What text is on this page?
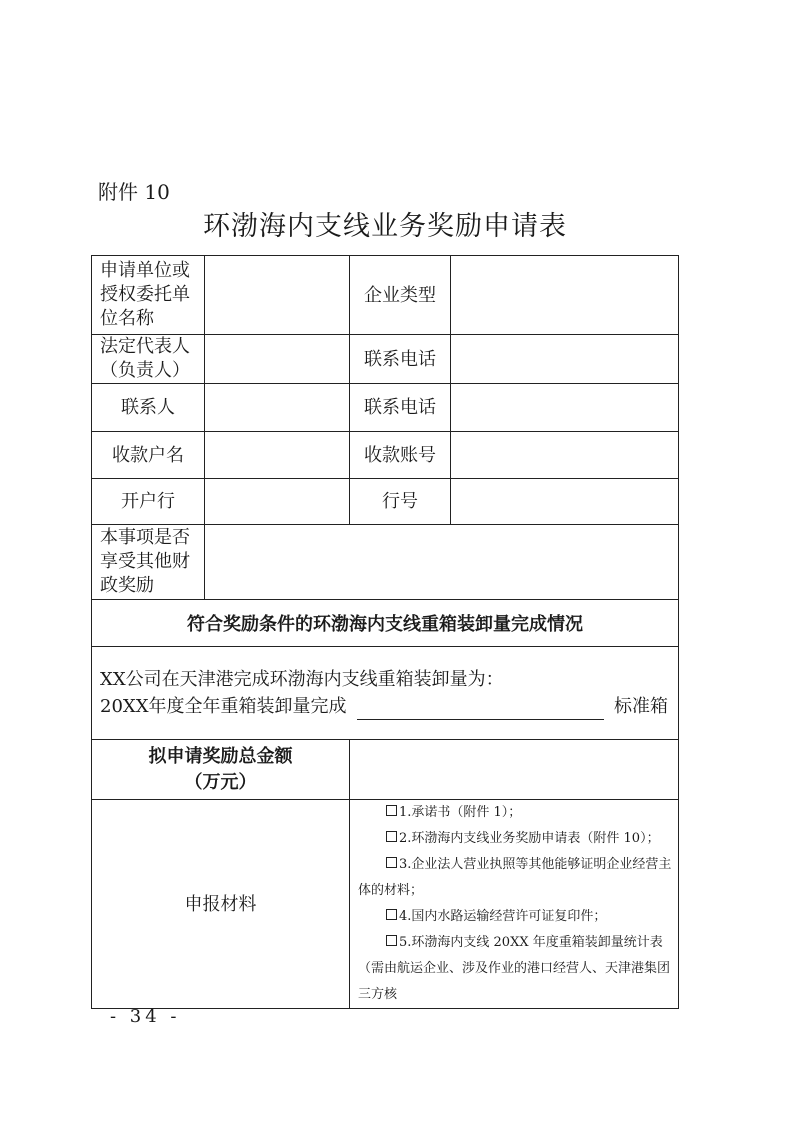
附件 10
环渤海内支线业务奖励申请表
申请单位或
授权委托单
位名称		企业类型	

法定代表人
（负责人）		联系电话	
联系人		联系电话	
收款户名		收款账号	
开户行		行号	

本事项是否
享受其他财
政奖励			

符合奖励条件的环渤海内支线重箱装卸量完成情况			

XX公司在天津港完成环渤海内支线重箱装卸量为：
20XX年度全年重箱装卸量完成 标准箱			

拟申请奖励总金额
（万元）			

申报材料		1.承诺书（附件 1）；
2.环渤海内支线业务奖励申请表（附件 10）；
3.企业法人营业执照等其他能够证明企业经营主体的材料；
4.国内水路运输经营许可证复印件；
5.环渤海内支线 20XX 年度重箱装卸量统计表（需由航运企业、涉及作业的港口经营人、天津港集团三方核	
- 34 -
